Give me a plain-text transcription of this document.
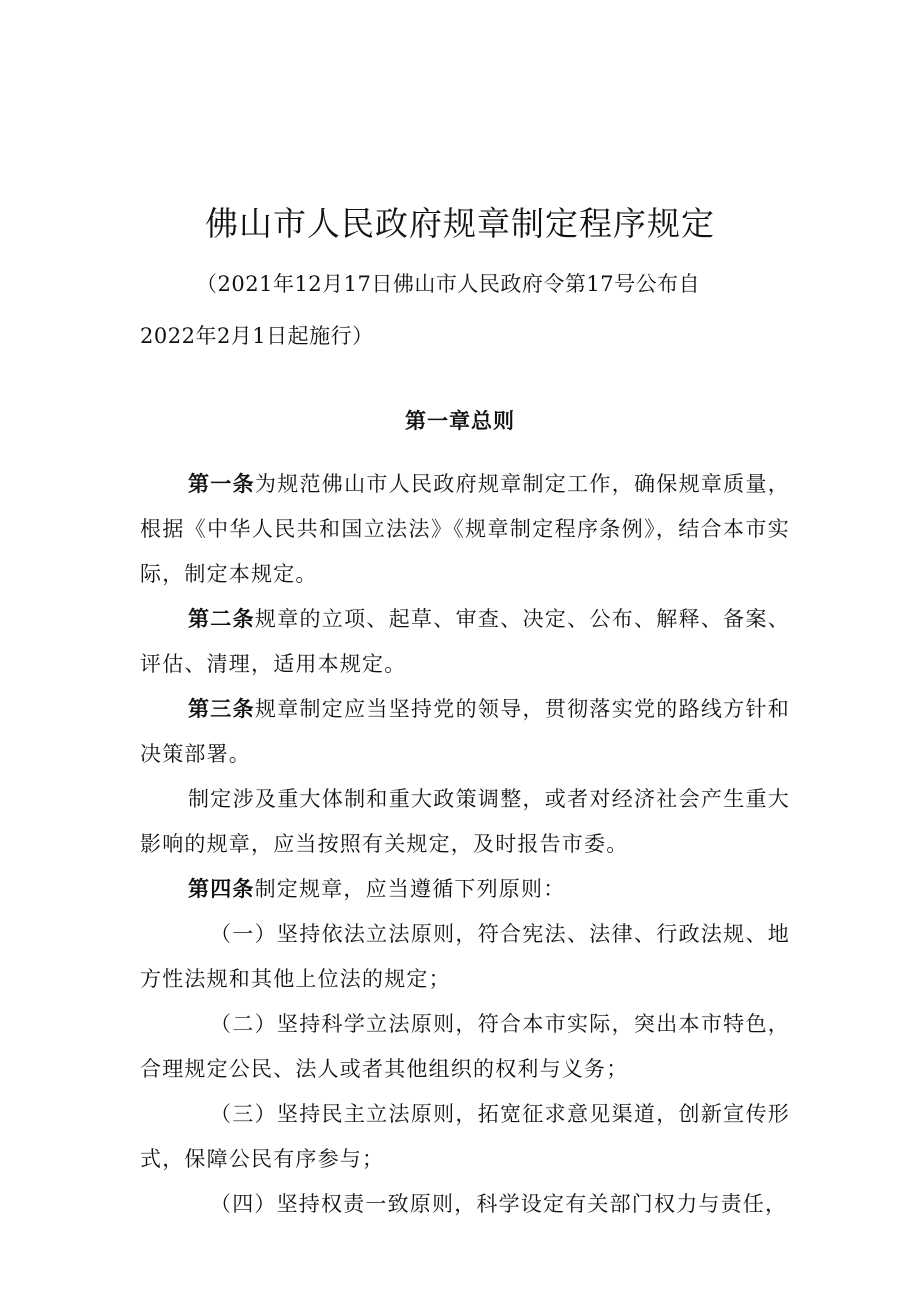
佛山市人民政府规章制定程序规定
（2021年12月17日佛山市人民政府令第17号公布自
2022年2月1日起施行）
第一章总则

第一条为规范佛山市人民政府规章制定工作，确保规章质量，根据《中华人民共和国立法法》《规章制定程序条例》，结合本市实际，制定本规定。

第二条规章的立项、起草、审查、决定、公布、解释、备案、评估、清理，适用本规定。

第三条规章制定应当坚持党的领导，贯彻落实党的路线方针和决策部署。

制定涉及重大体制和重大政策调整，或者对经济社会产生重大影响的规章，应当按照有关规定，及时报告市委。

第四条制定规章，应当遵循下列原则：

（一）坚持依法立法原则，符合宪法、法律、行政法规、地方性法规和其他上位法的规定；

（二）坚持科学立法原则，符合本市实际，突出本市特色，合理规定公民、法人或者其他组织的权利与义务；

（三）坚持民主立法原则，拓宽征求意见渠道，创新宣传形式，保障公民有序参与；

（四）坚持权责一致原则，科学设定有关部门权力与责任，
